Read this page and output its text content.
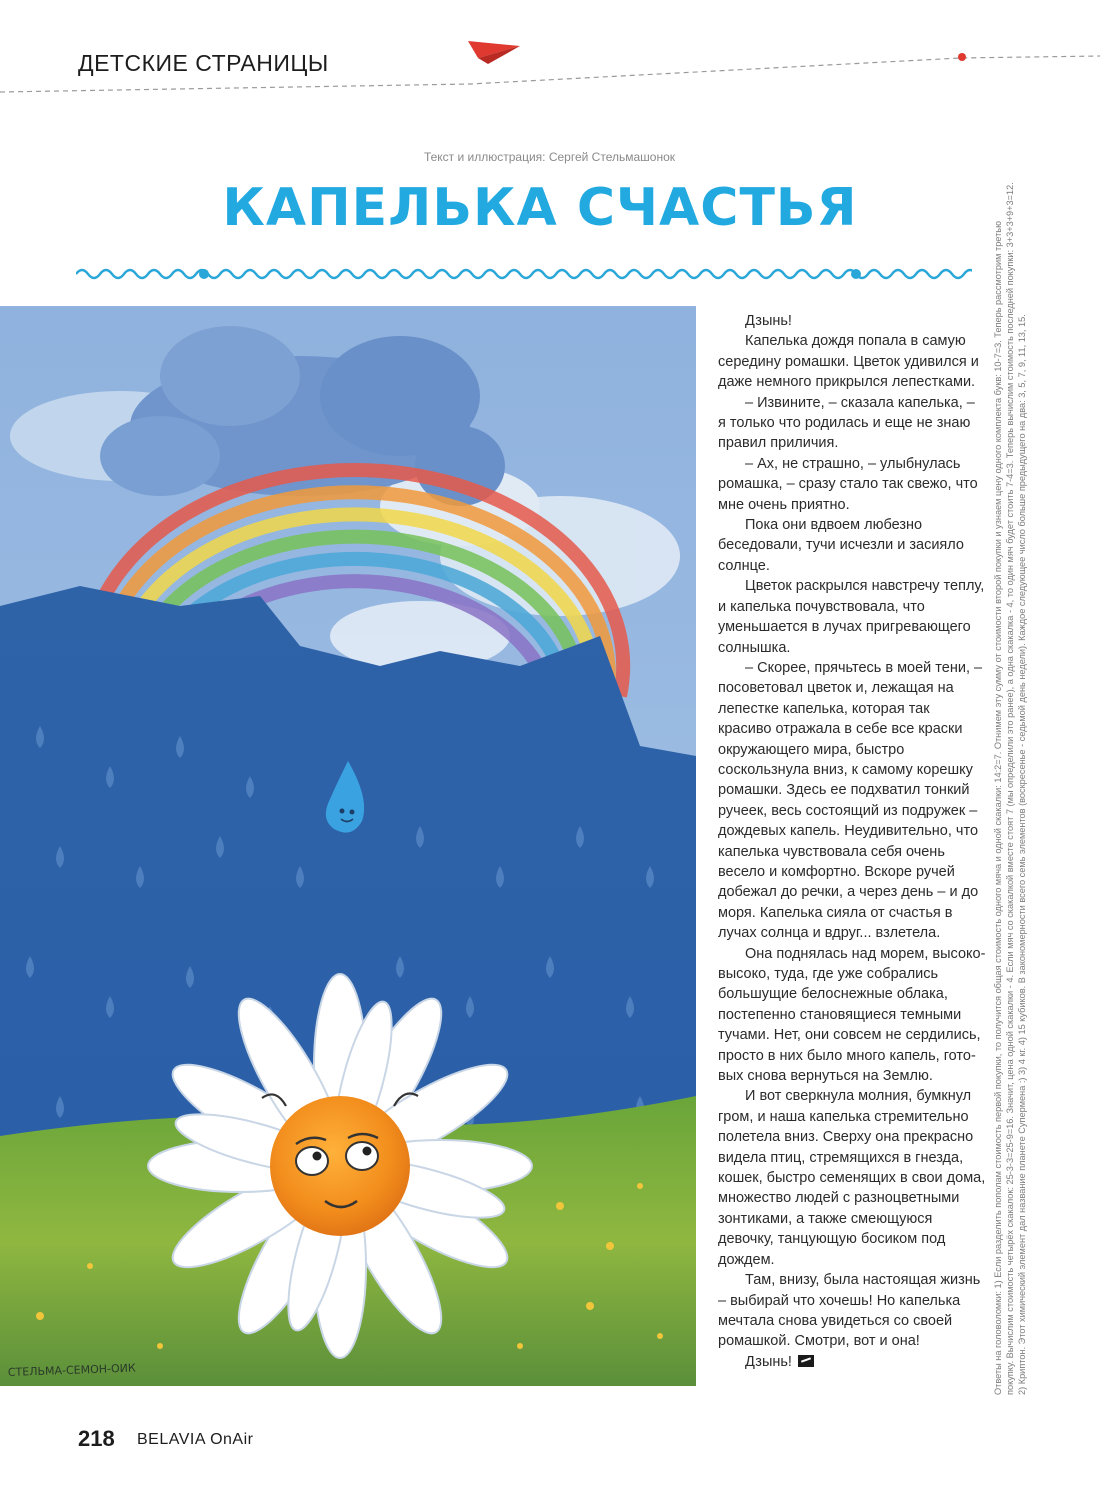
ДЕТСКИЕ СТРАНИЦЫ
Текст и иллюстрация: Сергей Стельмашонок
КАПЕЛЬКА СЧАСТЬЯ
СТЕЛЬМА-СЕМОН-ОИК

Дзынь!

Капелька дождя попала в самую середину ромашки. Цветок удивился и даже немного прикрылся лепестками.

– Извините, – сказала капелька, – я только что родилась и еще не знаю правил приличия.

– Ах, не страшно, – улыбнулась ромашка, – сразу стало так свежо, что мне очень приятно.

Пока они вдвоем любезно беседовали, тучи исчезли и засияло солнце.

Цветок раскрылся навстречу теплу, и капелька почувствовала, что уменьшается в лучах пригревающего солнышка.

– Скорее, прячьтесь в моей тени, – посоветовал цветок и, лежащая на лепестке капелька, которая так красиво отражала в себе все краски окружающего мира, быстро соскользнула вниз, к самому корешку ромашки. Здесь ее подхватил тонкий ручеек, весь состоящий из подружек – дождевых капель. Неудивительно, что капелька чувствовала себя очень весело и комфортно. Вскоре ручей добежал до речки, а через день – и до моря. Капелька сияла от счастья в лучах солнца и вдруг... взлетела.

Она поднялась над морем, высоко-высоко, туда, где уже собрались большущие белоснежные облака, постепенно становящиеся темными тучами. Нет, они совсем не сердились, просто в них было много капель, готовых снова вернуться на Землю.

И вот сверкнула молния, бумкнул гром, и наша капелька стремительно полетела вниз. Сверху она прекрасно видела птиц, стремящихся в гнезда, кошек, быстро семенящих в свои дома, множество людей с разноцветными зонтиками, а также смеющуюся девочку, танцующую босиком под дождем.

Там, внизу, была настоящая жизнь – выбирай что хочешь! Но капелька мечтала снова увидеться со своей ромашкой. Смотри, вот и она!

Дзынь!	Ответы на головоломки: 1) Если разделить пополам стоимость первой покупки, то получится общая стоимость одного мяча и одной скакалки: 14:2=7. Отнимем эту сумму от стоимости второй покупки и узнаем цену одного комплекта букв: 10-7=3. Теперь рассмотрим третью покупку. Вычислим стоимость четырёх скакалок: 25-3-3=25-9=16. Значит, цена одной скакалки - 4. Если мяч со скакалкой вместе стоят 7 (мы определили это ранее), а одна скакалка - 4, то один мяч будет стоить 7-4=3. Теперь вычислим стоимость последней покупки: 3+3+3+9+3=12. 2) Криптон. Этот химический элемент дал название планете Супермена :) 3) 4 кг. 4) 15 кубиков. В закономерности всего семь элементов (воскресенье - седьмой день недели). Каждое следующее число больше предыдущего на два: 3, 5, 7, 9, 11, 13, 15.
218 BELAVIA OnAir
